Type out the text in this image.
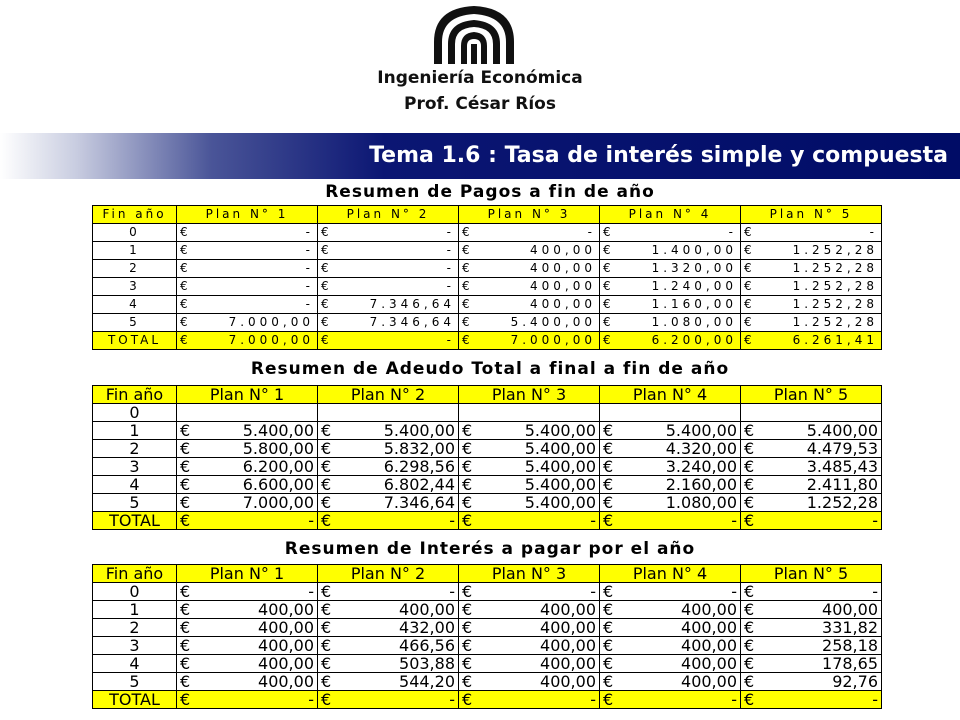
Ingeniería Económica
Prof. César Ríos
Tema 1.6 : Tasa de interés simple y compuesta
Resumen de Pagos a fin de año
Fin año	Plan N° 1	Plan N° 2	Plan N° 3	Plan N° 4	Plan N° 5
0	€ -	€ -	€ -	€ -	€ -

1	€ -	€ -	€ 400,00	€ 1.400,00	€ 1.252,28

2	€ -	€ -	€ 400,00	€ 1.320,00	€ 1.252,28

3	€ -	€ -	€ 400,00	€ 1.240,00	€ 1.252,28

4	€ -	€ 7.346,64	€ 400,00	€ 1.160,00	€ 1.252,28

5	€ 7.000,00	€ 7.346,64	€ 5.400,00	€ 1.080,00	€ 1.252,28

TOTAL	€ 7.000,00	€ -	€ 7.000,00	€ 6.200,00	€ 6.261,41
Resumen de Adeudo Total a final a fin de año
Fin año	Plan N° 1	Plan N° 2	Plan N° 3	Plan N° 4	Plan N° 5
0					
1	€ 5.400,00	€ 5.400,00	€ 5.400,00	€ 5.400,00	€ 5.400,00

2	€ 5.800,00	€ 5.832,00	€ 5.400,00	€ 4.320,00	€ 4.479,53

3	€ 6.200,00	€ 6.298,56	€ 5.400,00	€ 3.240,00	€ 3.485,43

4	€ 6.600,00	€ 6.802,44	€ 5.400,00	€ 2.160,00	€ 2.411,80

5	€ 7.000,00	€ 7.346,64	€ 5.400,00	€ 1.080,00	€ 1.252,28

TOTAL	€ -	€ -	€ -	€ -	€ -
Resumen de Interés a pagar por el año
Fin año	Plan N° 1	Plan N° 2	Plan N° 3	Plan N° 4	Plan N° 5
0	€ -	€ -	€ -	€ -	€ -

1	€ 400,00	€ 400,00	€ 400,00	€ 400,00	€ 400,00

2	€ 400,00	€ 432,00	€ 400,00	€ 400,00	€ 331,82

3	€ 400,00	€ 466,56	€ 400,00	€ 400,00	€ 258,18

4	€ 400,00	€ 503,88	€ 400,00	€ 400,00	€ 178,65

5	€ 400,00	€ 544,20	€ 400,00	€ 400,00	€ 92,76

TOTAL	€ -	€ -	€ -	€ -	€ -
